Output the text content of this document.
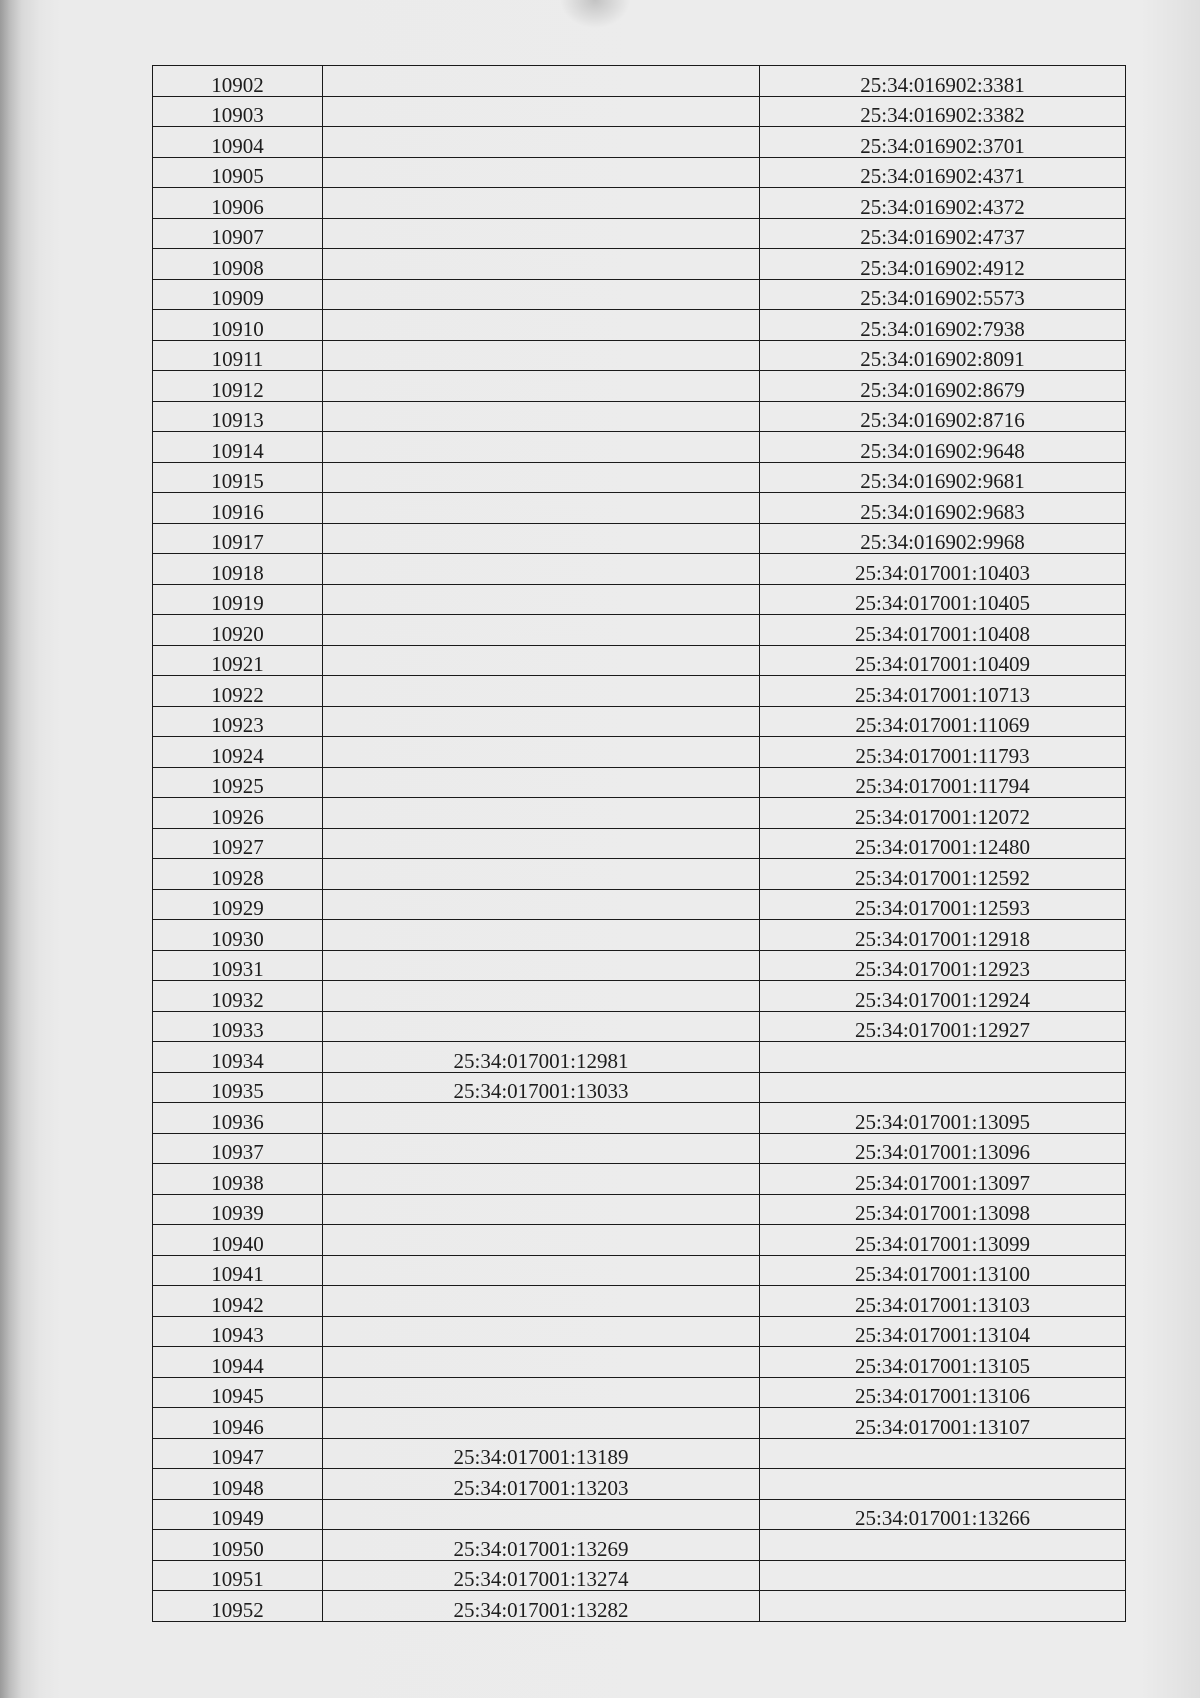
10902		25:34:016902:3381
10903		25:34:016902:3382
10904		25:34:016902:3701
10905		25:34:016902:4371
10906		25:34:016902:4372
10907		25:34:016902:4737
10908		25:34:016902:4912
10909		25:34:016902:5573
10910		25:34:016902:7938
10911		25:34:016902:8091
10912		25:34:016902:8679
10913		25:34:016902:8716
10914		25:34:016902:9648
10915		25:34:016902:9681
10916		25:34:016902:9683
10917		25:34:016902:9968
10918		25:34:017001:10403
10919		25:34:017001:10405
10920		25:34:017001:10408
10921		25:34:017001:10409
10922		25:34:017001:10713
10923		25:34:017001:11069
10924		25:34:017001:11793
10925		25:34:017001:11794
10926		25:34:017001:12072
10927		25:34:017001:12480
10928		25:34:017001:12592
10929		25:34:017001:12593
10930		25:34:017001:12918
10931		25:34:017001:12923
10932		25:34:017001:12924
10933		25:34:017001:12927
10934	25:34:017001:12981	
10935	25:34:017001:13033	
10936		25:34:017001:13095
10937		25:34:017001:13096
10938		25:34:017001:13097
10939		25:34:017001:13098
10940		25:34:017001:13099
10941		25:34:017001:13100
10942		25:34:017001:13103
10943		25:34:017001:13104
10944		25:34:017001:13105
10945		25:34:017001:13106
10946		25:34:017001:13107
10947	25:34:017001:13189	
10948	25:34:017001:13203	
10949		25:34:017001:13266
10950	25:34:017001:13269	
10951	25:34:017001:13274	
10952	25:34:017001:13282	
